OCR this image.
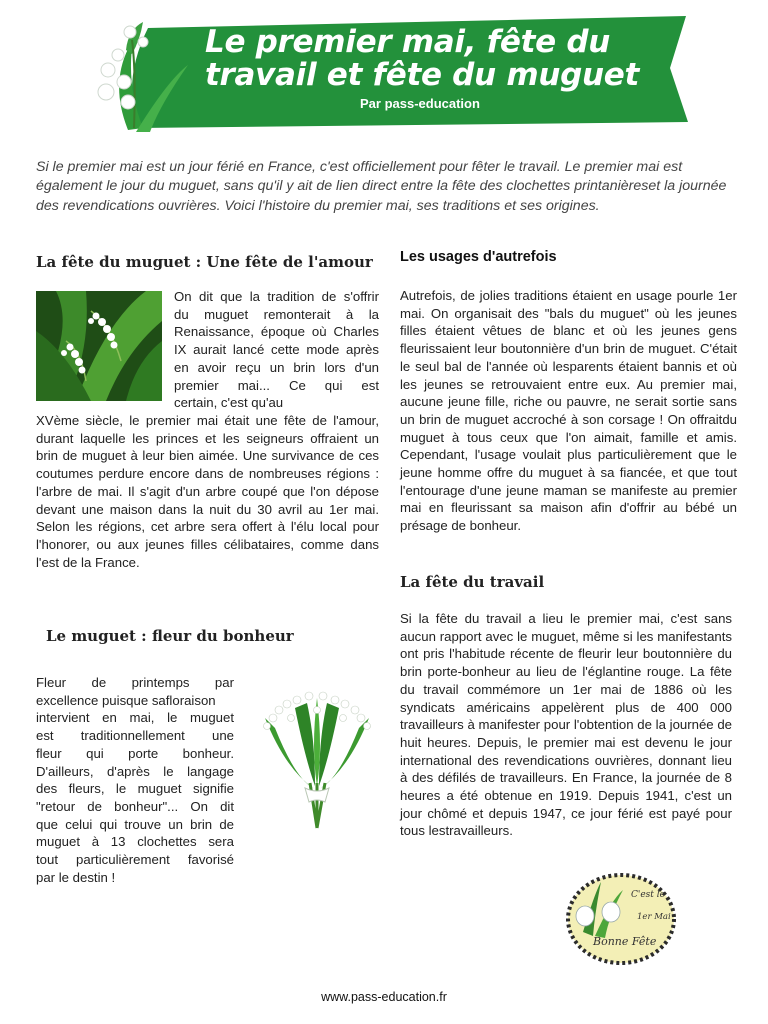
Le premier mai, fête du
travail et fête du muguet
Par pass-education
Si le premier mai est un jour férié en France, c'est officiellement pour fêter le travail. Le premier mai est également le jour du muguet, sans qu'il y ait de lien direct entre la fête des clochettes printanièreset la journée des revendications ouvrières. Voici l'histoire du premier mai, ses traditions et ses origines.
La fête du muguet : Une fête de l'amour
On dit que la tradition de s'offrir
du muguet remonterait à la
Renaissance, époque où Charles
IX aurait lancé cette mode après
en avoir reçu un brin lors d'un
premier mai... Ce qui est
certain, c'est qu'au
XVème siècle, le premier mai était une fête de l'amour, durant laquelle les princes et les seigneurs offraient un brin de muguet à leur bien aimée. Une survivance de ces coutumes perdure encore dans de nombreuses régions : l'arbre de mai. Il s'agit d'un arbre coupé que l'on dépose devant une maison dans la nuit du 30 avril au 1er mai. Selon les régions, cet arbre sera offert à l'élu local pour l'honorer, ou aux jeunes filles célibataires, comme dans l'est de la France.
Le muguet : fleur du bonheur
Fleur de printemps par
excellence puisque safloraison
intervient en mai, le muguet
est traditionnellement une
fleur qui porte bonheur.
D'ailleurs, d'après le langage
des fleurs, le muguet signifie
"retour de bonheur"... On dit
que celui qui trouve un brin de
muguet à 13 clochettes sera
tout particulièrement favorisé
par le destin !
Les usages d'autrefois
Autrefois, de jolies traditions étaient en usage pourle 1er mai. On organisait des "bals du muguet" où les jeunes filles étaient vêtues de blanc et où les jeunes gens fleurissaient leur boutonnière d'un brin de muguet. C'était le seul bal de l'année où lesparents étaient bannis et où les jeunes se retrouvaient entre eux. Au premier mai, aucune jeune fille, riche ou pauvre, ne serait sortie sans un brin de muguet accroché à son corsage ! On offraitdu muguet à tous ceux que l'on aimait, famille et amis. Cependant, l'usage voulait plus particulièrement que le jeune homme offre du muguet à sa fiancée, et que tout l'entourage d'une jeune maman se manifeste au premier mai en fleurissant sa maison afin d'offrir au bébé un présage de bonheur.
La fête du travail
Si la fête du travail a lieu le premier mai, c'est sans aucun rapport avec le muguet, même si les manifestants ont pris l'habitude récente de fleurir leur boutonnière du brin porte-bonheur au lieu de l'églantine rouge. La fête du travail commémore un 1er mai de 1886 où les syndicats américains appelèrent plus de 400 000 travailleurs à manifester pour l'obtention de la journée de huit heures. Depuis, le premier mai est devenu le jour international des revendications ouvrières, donnant lieu à des défilés de travailleurs. En France, la journée de 8 heures a été obtenue en 1919. Depuis 1941, c'est un jour chômé et depuis 1947, ce jour férié est payé pour tous lestravailleurs.
C'est le
1er Mai
Bonne Fête
www.pass-education.fr
